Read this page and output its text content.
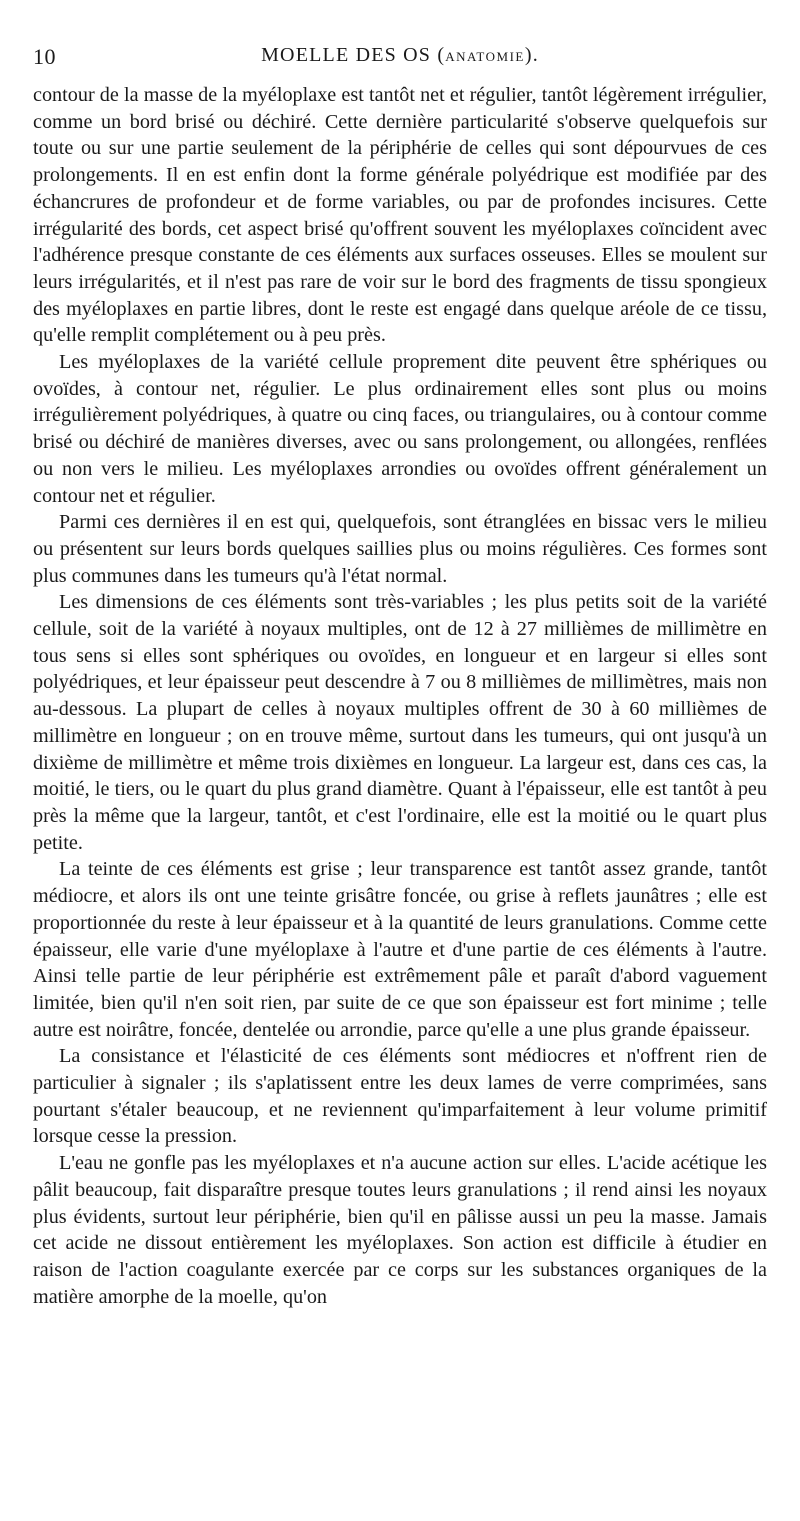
10	MOELLE DES OS (ANATOMIE).

contour de la masse de la myéloplaxe est tantôt net et régulier, tantôt légèrement irrégulier, comme un bord brisé ou déchiré. Cette dernière particularité s'observe quelquefois sur toute ou sur une partie seulement de la périphérie de celles qui sont dépourvues de ces prolongements. Il en est enfin dont la forme générale polyédrique est modifiée par des échancrures de profondeur et de forme variables, ou par de profondes incisures. Cette irrégularité des bords, cet aspect brisé qu'offrent souvent les myéloplaxes coïncident avec l'adhérence presque constante de ces éléments aux surfaces osseuses. Elles se moulent sur leurs irrégularités, et il n'est pas rare de voir sur le bord des fragments de tissu spongieux des myéloplaxes en partie libres, dont le reste est engagé dans quelque aréole de ce tissu, qu'elle remplit complétement ou à peu près.

Les myéloplaxes de la variété cellule proprement dite peuvent être sphériques ou ovoïdes, à contour net, régulier. Le plus ordinairement elles sont plus ou moins irrégulièrement polyédriques, à quatre ou cinq faces, ou triangulaires, ou à contour comme brisé ou déchiré de manières diverses, avec ou sans prolongement, ou allongées, renflées ou non vers le milieu. Les myéloplaxes arrondies ou ovoïdes offrent généralement un contour net et régulier.

Parmi ces dernières il en est qui, quelquefois, sont étranglées en bissac vers le milieu ou présentent sur leurs bords quelques saillies plus ou moins régulières. Ces formes sont plus communes dans les tumeurs qu'à l'état normal.

Les dimensions de ces éléments sont très-variables ; les plus petits soit de la variété cellule, soit de la variété à noyaux multiples, ont de 12 à 27 millièmes de millimètre en tous sens si elles sont sphériques ou ovoïdes, en longueur et en largeur si elles sont polyédriques, et leur épaisseur peut descendre à 7 ou 8 millièmes de millimètres, mais non au-dessous. La plupart de celles à noyaux multiples offrent de 30 à 60 millièmes de millimètre en longueur ; on en trouve même, surtout dans les tumeurs, qui ont jusqu'à un dixième de millimètre et même trois dixièmes en longueur. La largeur est, dans ces cas, la moitié, le tiers, ou le quart du plus grand diamètre. Quant à l'épaisseur, elle est tantôt à peu près la même que la largeur, tantôt, et c'est l'ordinaire, elle est la moitié ou le quart plus petite.

La teinte de ces éléments est grise ; leur transparence est tantôt assez grande, tantôt médiocre, et alors ils ont une teinte grisâtre foncée, ou grise à reflets jaunâtres ; elle est proportionnée du reste à leur épaisseur et à la quantité de leurs granulations. Comme cette épaisseur, elle varie d'une myéloplaxe à l'autre et d'une partie de ces éléments à l'autre. Ainsi telle partie de leur périphérie est extrêmement pâle et paraît d'abord vaguement limitée, bien qu'il n'en soit rien, par suite de ce que son épaisseur est fort minime ; telle autre est noirâtre, foncée, dentelée ou arrondie, parce qu'elle a une plus grande épaisseur.

La consistance et l'élasticité de ces éléments sont médiocres et n'offrent rien de particulier à signaler ; ils s'aplatissent entre les deux lames de verre comprimées, sans pourtant s'étaler beaucoup, et ne reviennent qu'imparfaitement à leur volume primitif lorsque cesse la pression.

L'eau ne gonfle pas les myéloplaxes et n'a aucune action sur elles. L'acide acétique les pâlit beaucoup, fait disparaître presque toutes leurs granulations ; il rend ainsi les noyaux plus évidents, surtout leur périphérie, bien qu'il en pâlisse aussi un peu la masse. Jamais cet acide ne dissout entièrement les myéloplaxes. Son action est difficile à étudier en raison de l'action coagulante exercée par ce corps sur les substances organiques de la matière amorphe de la moelle, qu'on
